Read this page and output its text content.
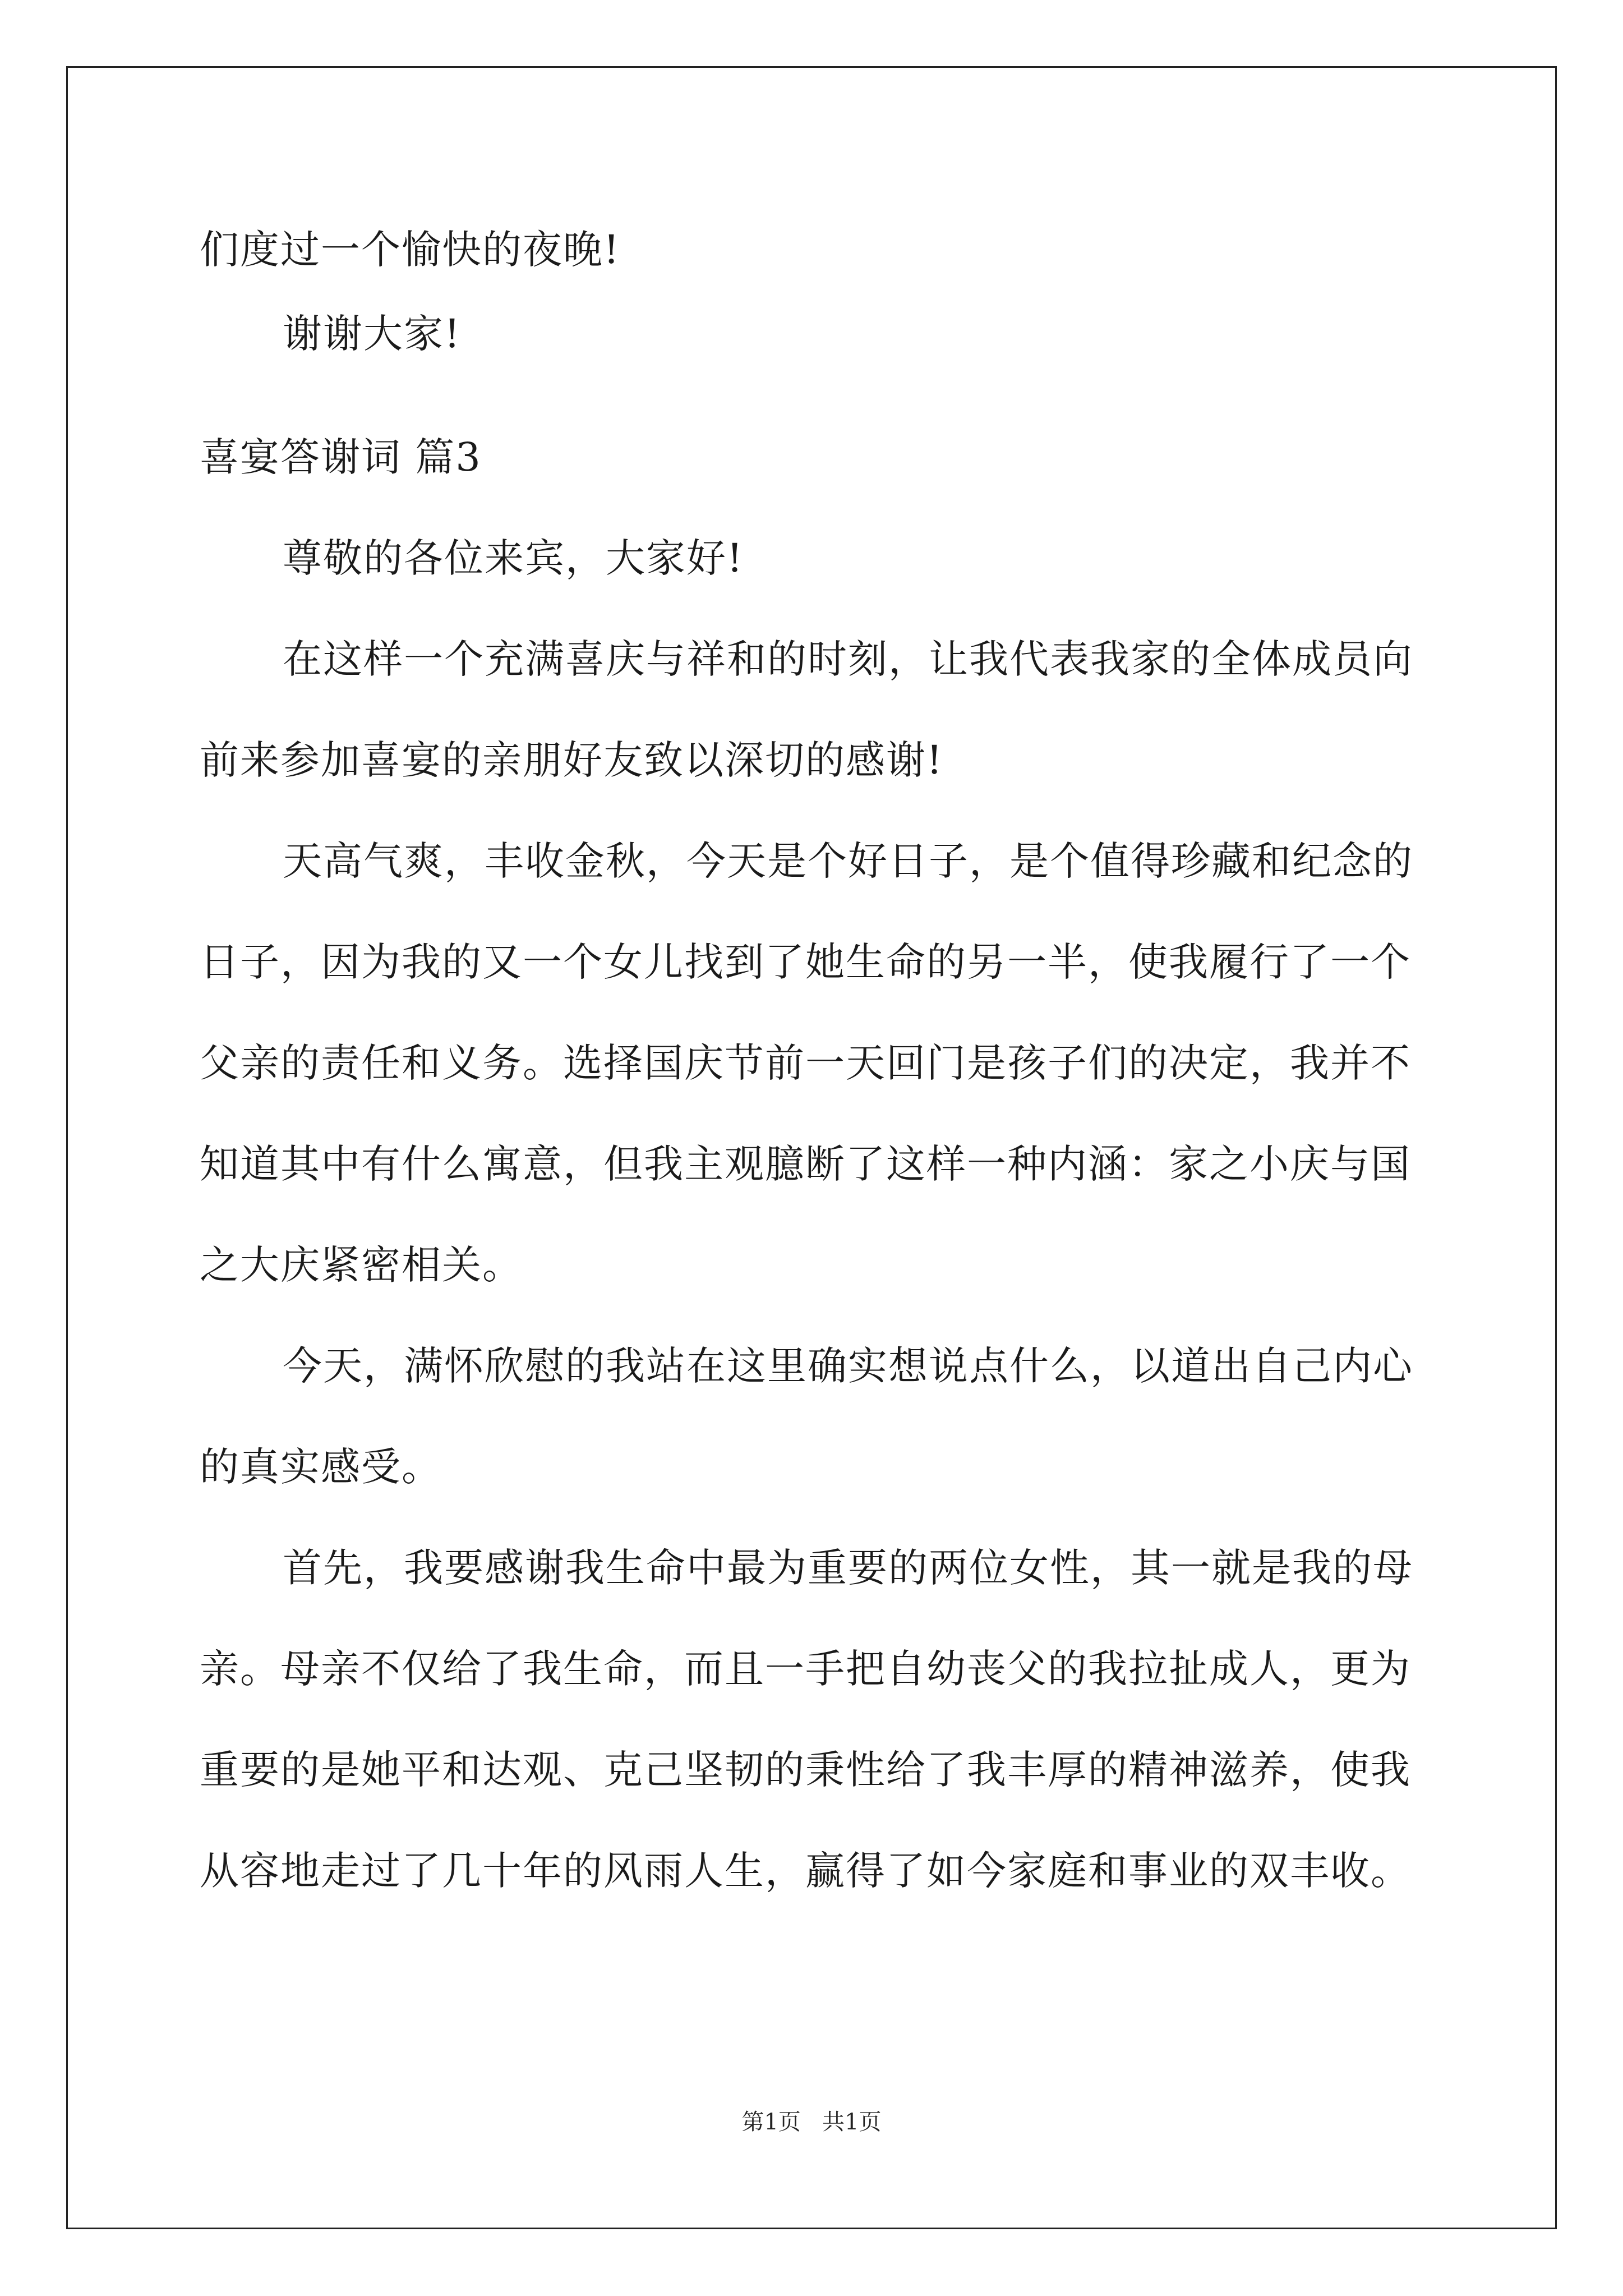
们度过一个愉快的夜晚!
谢谢大家!
喜宴答谢词 篇3
尊敬的各位来宾，大家好!
在这样一个充满喜庆与祥和的时刻，让我代表我家的全体成员向
前来参加喜宴的亲朋好友致以深切的感谢!
天高气爽，丰收金秋，今天是个好日子，是个值得珍藏和纪念的
日子，因为我的又一个女儿找到了她生命的另一半，使我履行了一个
父亲的责任和义务。选择国庆节前一天回门是孩子们的决定，我并不
知道其中有什么寓意，但我主观臆断了这样一种内涵：家之小庆与国
之大庆紧密相关。
今天，满怀欣慰的我站在这里确实想说点什么，以道出自己内心
的真实感受。
首先，我要感谢我生命中最为重要的两位女性，其一就是我的母
亲。母亲不仅给了我生命，而且一手把自幼丧父的我拉扯成人，更为
重要的是她平和达观、克己坚韧的秉性给了我丰厚的精神滋养，使我
从容地走过了几十年的风雨人生，赢得了如今家庭和事业的双丰收。
第1页   共1页
